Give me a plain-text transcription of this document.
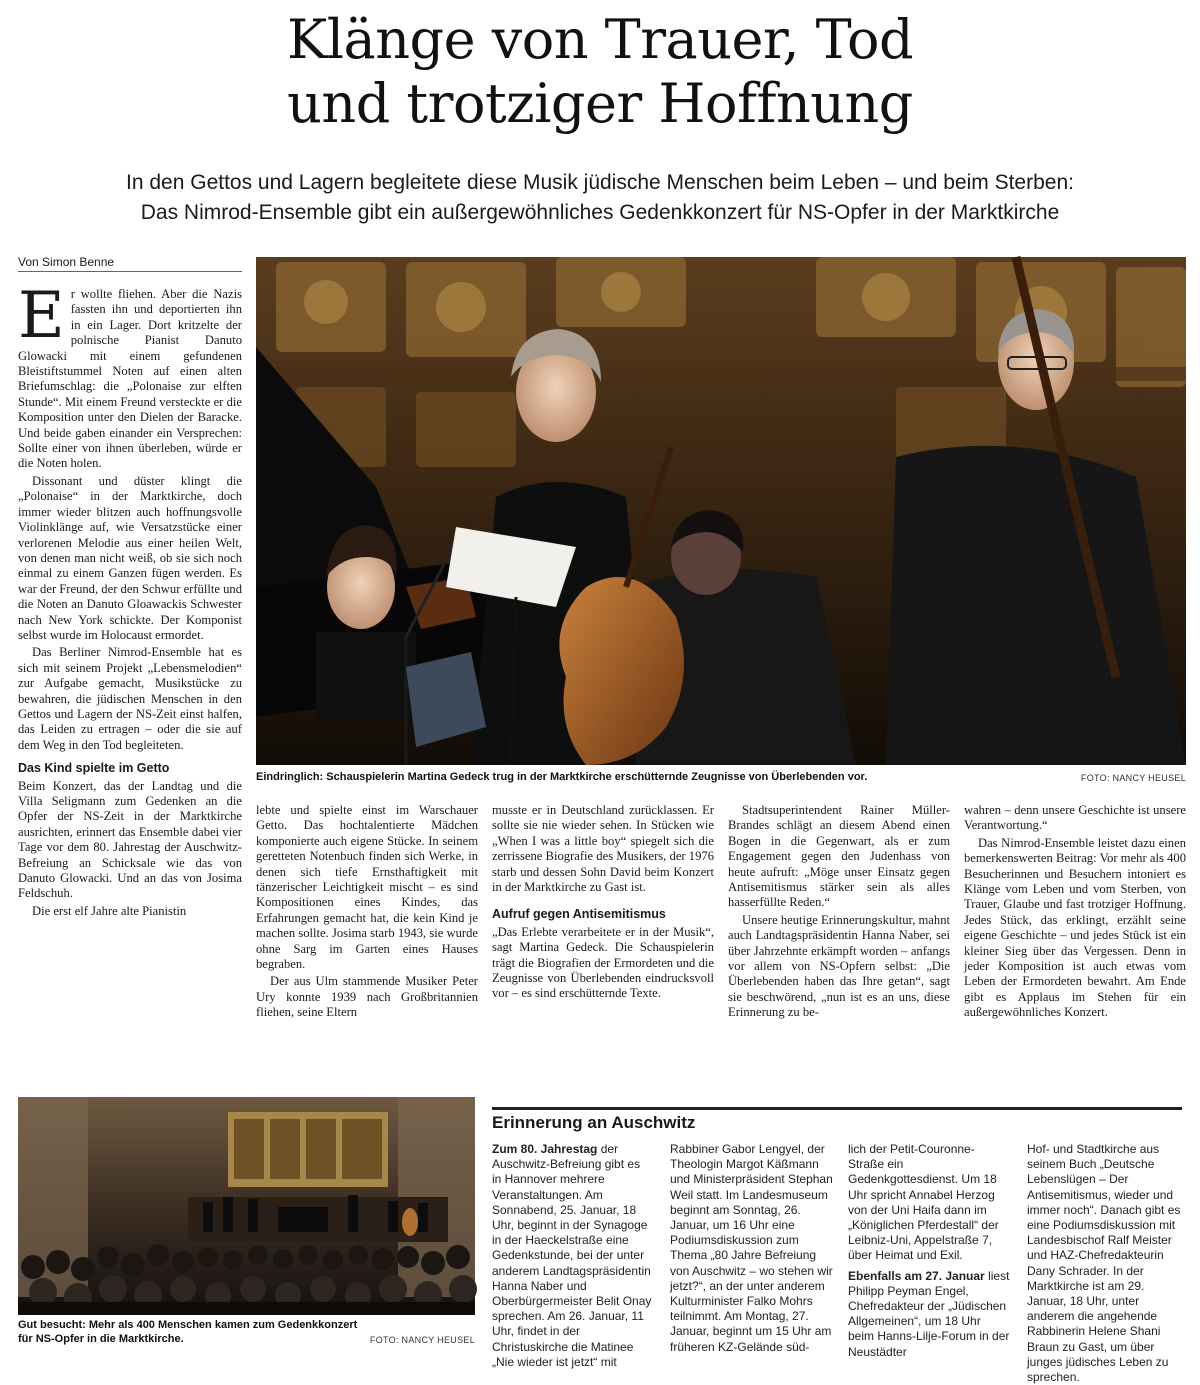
Klänge von Trauer, Tod
und trotziger Hoffnung
In den Gettos und Lagern begleitete diese Musik jüdische Menschen beim Leben – und beim Sterben:
Das Nimrod-Ensemble gibt ein außergewöhnliches Gedenkkonzert für NS-Opfer in der Marktkirche
Von Simon Benne
Eindringlich: Schauspielerin Martina Gedeck trug in der Marktkirche erschütternde Zeugnisse von Überlebenden vor.	FOTO: NANCY HEUSEL

Er wollte fliehen. Aber die Nazis fassten ihn und deportierten ihn in ein Lager. Dort kritzelte der polnische Pianist Danuto Glowacki mit einem gefundenen Bleistiftstummel Noten auf einen alten Briefumschlag: die „Polonaise zur elften Stunde“. Mit einem Freund versteckte er die Komposition unter den Dielen der Baracke. Und beide gaben einander ein Versprechen: Sollte einer von ihnen überleben, würde er die Noten holen.

Dissonant und düster klingt die „Polonaise“ in der Marktkirche, doch immer wieder blitzen auch hoffnungsvolle Violinklänge auf, wie Versatzstücke einer verlorenen Melodie aus einer heilen Welt, von denen man nicht weiß, ob sie sich noch einmal zu einem Ganzen fügen werden. Es war der Freund, der den Schwur erfüllte und die Noten an Danuto Gloawackis Schwester nach New York schickte. Der Komponist selbst wurde im Holocaust ermordet.

Das Berliner Nimrod-Ensemble hat es sich mit seinem Projekt „Lebensmelodien“ zur Aufgabe gemacht, Musikstücke zu bewahren, die jüdischen Menschen in den Gettos und Lagern der NS-Zeit einst halfen, das Leiden zu ertragen – oder die sie auf dem Weg in den Tod begleiteten.

Das Kind spielte im Getto

Beim Konzert, das der Landtag und die Villa Seligmann zum Gedenken an die Opfer der NS-Zeit in der Marktkirche ausrichten, erinnert das Ensemble dabei vier Tage vor dem 80. Jahrestag der Auschwitz-Befreiung an Schicksale wie das von Danuto Glowacki. Und an das von Josima Feldschuh.

Die erst elf Jahre alte Pianistin

lebte und spielte einst im Warschauer Getto. Das hochtalentierte Mädchen komponierte auch eigene Stücke. In seinem geretteten Notenbuch finden sich Werke, in denen sich tiefe Ernsthaftigkeit mit tänzerischer Leichtigkeit mischt – es sind Kompositionen eines Kindes, das Erfahrungen gemacht hat, die kein Kind je machen sollte. Josima starb 1943, sie wurde ohne Sarg im Garten eines Hauses begraben.

Der aus Ulm stammende Musiker Peter Ury konnte 1939 nach Großbritannien fliehen, seine Eltern

musste er in Deutschland zurücklassen. Er sollte sie nie wieder sehen. In Stücken wie „When I was a little boy“ spiegelt sich die zerrissene Biografie des Musikers, der 1976 starb und dessen Sohn David beim Konzert in der Marktkirche zu Gast ist.

Aufruf gegen Antisemitismus

„Das Erlebte verarbeitete er in der Musik“, sagt Martina Gedeck. Die Schauspielerin trägt die Biografien der Ermordeten und die Zeugnisse von Überlebenden eindrucksvoll vor – es sind erschütternde Texte.

Stadtsuperintendent Rainer Müller-Brandes schlägt an diesem Abend einen Bogen in die Gegenwart, als er zum Engagement gegen den Judenhass von heute aufruft: „Möge unser Einsatz gegen Antisemitismus stärker sein als alles hasserfüllte Reden.“

Unsere heutige Erinnerungskultur, mahnt auch Landtagspräsidentin Hanna Naber, sei über Jahrzehnte erkämpft worden – anfangs vor allem von NS-Opfern selbst: „Die Überlebenden haben das Ihre getan“, sagt sie beschwörend, „nun ist es an uns, diese Erinnerung zu be-

wahren – denn unsere Geschichte ist unsere Verantwortung.“

Das Nimrod-Ensemble leistet dazu einen bemerkenswerten Beitrag: Vor mehr als 400 Besucherinnen und Besuchern intoniert es Klänge vom Leben und vom Sterben, von Trauer, Glaube und fast trotziger Hoffnung. Jedes Stück, das erklingt, erzählt seine eigene Geschichte – und jedes Stück ist ein kleiner Sieg über das Vergessen. Denn in jeder Komposition ist auch etwas vom Leben der Ermordeten bewahrt. Am Ende gibt es Applaus im Stehen für ein außergewöhnliches Konzert.

Gut besucht: Mehr als 400 Menschen kamen zum Gedenkkonzert für NS-Opfer in die Marktkirche.	FOTO: NANCY HEUSEL
Erinnerung an Auschwitz
Zum 80. Jahrestag der Auschwitz-Befreiung gibt es in Hannover mehrere Veranstaltungen. Am Sonnabend, 25. Januar, 18 Uhr, beginnt in der Synagoge in der Haeckelstraße eine Gedenkstunde, bei der unter anderem Landtagspräsidentin Hanna Naber und Oberbürgermeister Belit Onay sprechen. Am 26. Januar, 11 Uhr, findet in der Christuskirche die Matinee „Nie wieder ist jetzt“ mit
Rabbiner Gabor Lengyel, der Theologin Margot Käßmann und Ministerpräsident Stephan Weil statt. Im Landesmuseum beginnt am Sonntag, 26. Januar, um 16 Uhr eine Podiumsdiskussion zum Thema „80 Jahre Befreiung von Auschwitz – wo stehen wir jetzt?“, an der unter anderem Kulturminister Falko Mohrs teilnimmt. Am Montag, 27. Januar, beginnt um 15 Uhr am früheren KZ-Gelände süd-
lich der Petit-Couronne-Straße ein Gedenkgottesdienst. Um 18 Uhr spricht Annabel Herzog von der Uni Haifa dann im „Königlichen Pferdestall“ der Leibniz-Uni, Appelstraße 7, über Heimat und Exil.
Ebenfalls am 27. Januar liest Philipp Peyman Engel, Chefredakteur der „Jüdischen Allgemeinen“, um 18 Uhr beim Hanns-Lilje-Forum in der Neustädter
Hof- und Stadtkirche aus seinem Buch „Deutsche Lebenslügen – Der Antisemitismus, wieder und immer noch“. Danach gibt es eine Podiumsdiskussion mit Landesbischof Ralf Meister und HAZ-Chefredakteurin Dany Schrader. In der Marktkirche ist am 29. Januar, 18 Uhr, unter anderem die angehende Rabbinerin Helene Shani Braun zu Gast, um über junges jüdisches Leben zu sprechen.
